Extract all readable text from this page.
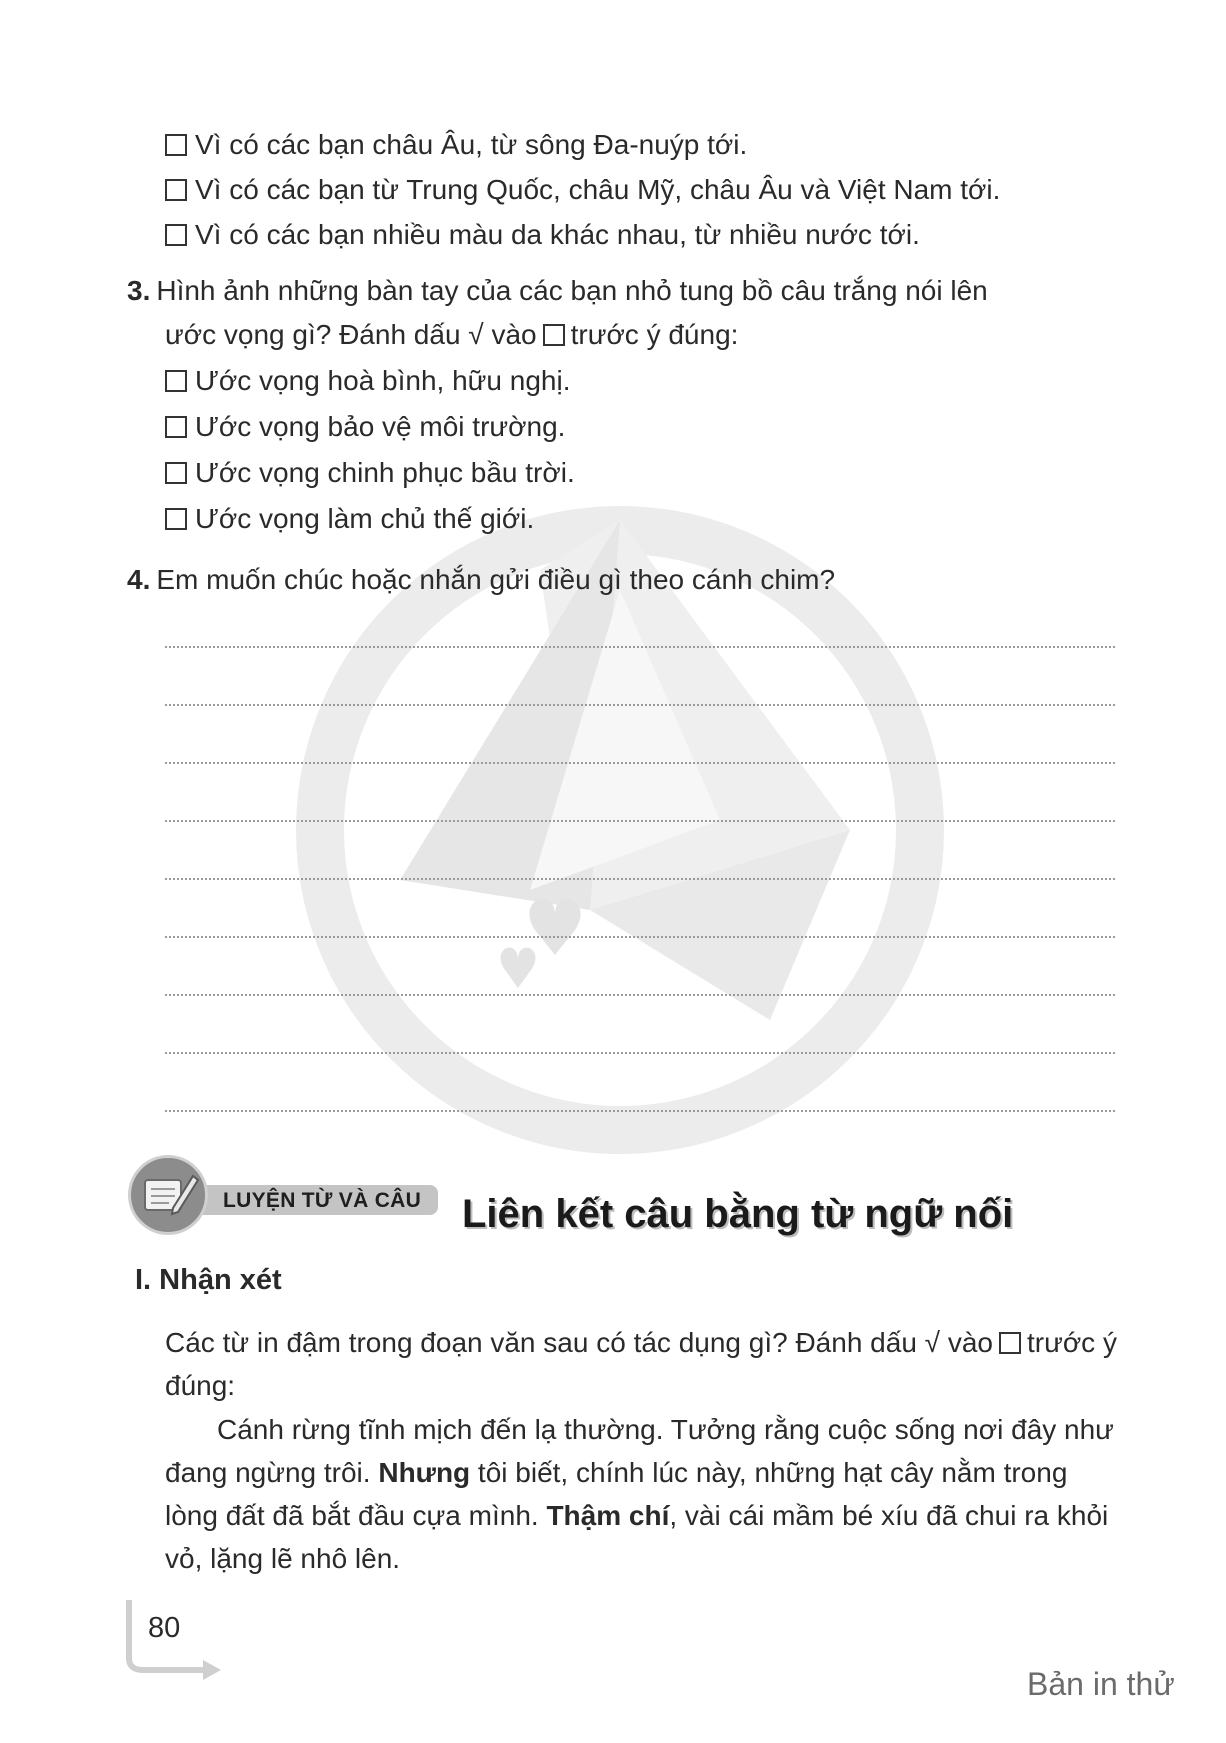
Vì có các bạn châu Âu, từ sông Đa-nuýp tới.
Vì có các bạn từ Trung Quốc, châu Mỹ, châu Âu và Việt Nam tới.
Vì có các bạn nhiều màu da khác nhau, từ nhiều nước tới.
3. Hình ảnh những bàn tay của các bạn nhỏ tung bồ câu trắng nói lên
ước vọng gì? Đánh dấu √ vào trước ý đúng:
Ước vọng hoà bình, hữu nghị.
Ước vọng bảo vệ môi trường.
Ước vọng chinh phục bầu trời.
Ước vọng làm chủ thế giới.
4. Em muốn chúc hoặc nhắn gửi điều gì theo cánh chim?
LUYỆN TỪ VÀ CÂU Liên kết câu bằng từ ngữ nối
I. Nhận xét
Các từ in đậm trong đoạn văn sau có tác dụng gì? Đánh dấu √ vào trước ý đúng:
Cánh rừng tĩnh mịch đến lạ thường. Tưởng rằng cuộc sống nơi đây như đang ngừng trôi. Nhưng tôi biết, chính lúc này, những hạt cây nằm trong lòng đất đã bắt đầu cựa mình. Thậm chí, vài cái mầm bé xíu đã chui ra khỏi vỏ, lặng lẽ nhô lên.
80
Bản in thử
